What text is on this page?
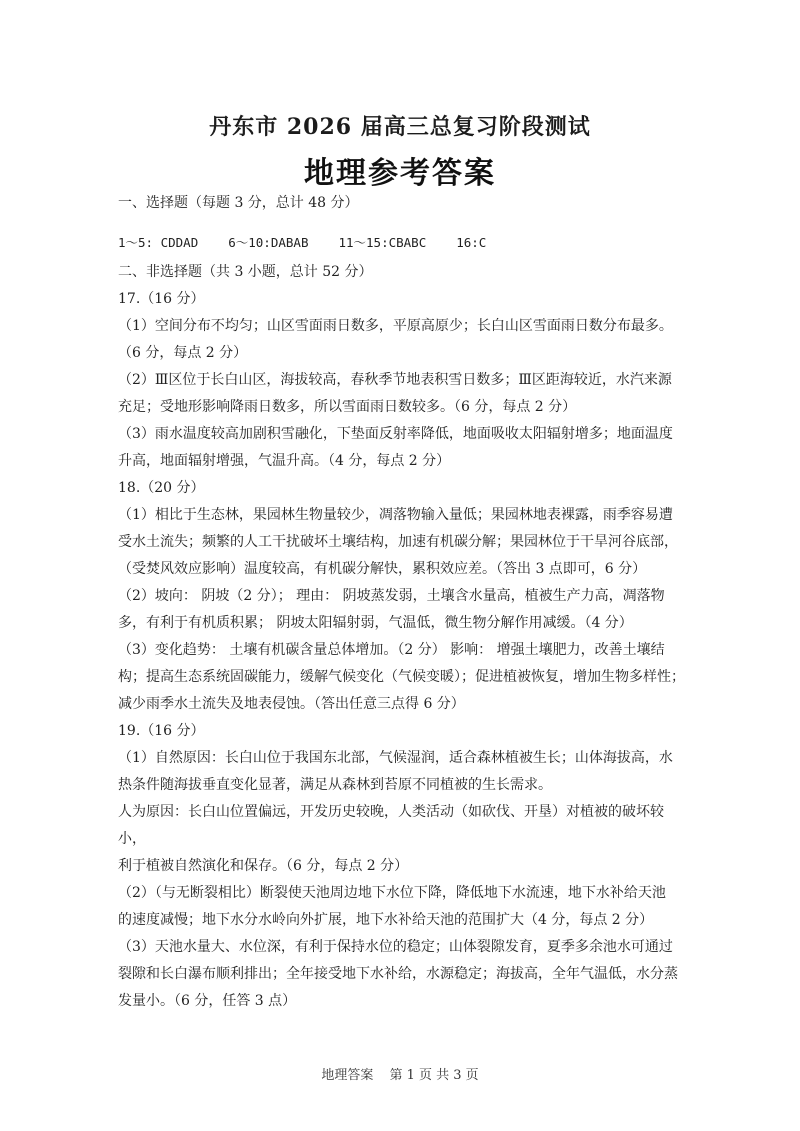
丹东市 2026 届高三总复习阶段测试
地理参考答案

一、选择题（每题 3 分，总计 48 分）

1～5: CDDAD 6～10:DABAB 11～15:CBABC 16:C

二、非选择题（共 3 小题，总计 52 分）

17.（16 分）

（1）空间分布不均匀；山区雪面雨日数多，平原高原少；长白山区雪面雨日数分布最多。

（6 分，每点 2 分）

（2）Ⅲ区位于长白山区，海拔较高，春秋季节地表积雪日数多；Ⅲ区距海较近，水汽来源

充足；受地形影响降雨日数多，所以雪面雨日数较多。（6 分，每点 2 分）

（3）雨水温度较高加剧积雪融化，下垫面反射率降低，地面吸收太阳辐射增多；地面温度

升高，地面辐射增强，气温升高。（4 分，每点 2 分）

18.（20 分）

（1）相比于生态林，果园林生物量较少，凋落物输入量低；果园林地表裸露，雨季容易遭

受水土流失；频繁的人工干扰破坏土壤结构，加速有机碳分解；果园林位于干旱河谷底部，

（受焚风效应影响）温度较高，有机碳分解快，累积效应差。（答出 3 点即可，6 分）

（2）坡向： 阴坡（2 分）； 理由： 阴坡蒸发弱，土壤含水量高，植被生产力高，凋落物

多，有利于有机质积累； 阴坡太阳辐射弱，气温低，微生物分解作用减缓。（4 分）

（3）变化趋势： 土壤有机碳含量总体增加。（2 分） 影响： 增强土壤肥力，改善土壤结

构；提高生态系统固碳能力，缓解气候变化（气候变暖）；促进植被恢复，增加生物多样性；

减少雨季水土流失及地表侵蚀。（答出任意三点得 6 分）

19.（16 分）

（1）自然原因：长白山位于我国东北部，气候湿润，适合森林植被生长；山体海拔高，水

热条件随海拔垂直变化显著，满足从森林到苔原不同植被的生长需求。

人为原因：长白山位置偏远，开发历史较晚，人类活动（如砍伐、开垦）对植被的破坏较小，

利于植被自然演化和保存。（6 分，每点 2 分）

（2）（与无断裂相比）断裂使天池周边地下水位下降，降低地下水流速，地下水补给天池

的速度减慢；地下水分水岭向外扩展，地下水补给天池的范围扩大（4 分，每点 2 分）

（3）天池水量大、水位深，有利于保持水位的稳定；山体裂隙发育，夏季多余池水可通过

裂隙和长白瀑布顺利排出；全年接受地下水补给，水源稳定；海拔高，全年气温低，水分蒸

发量小。（6 分，任答 3 点）

地理答案 第 1 页 共 3 页
